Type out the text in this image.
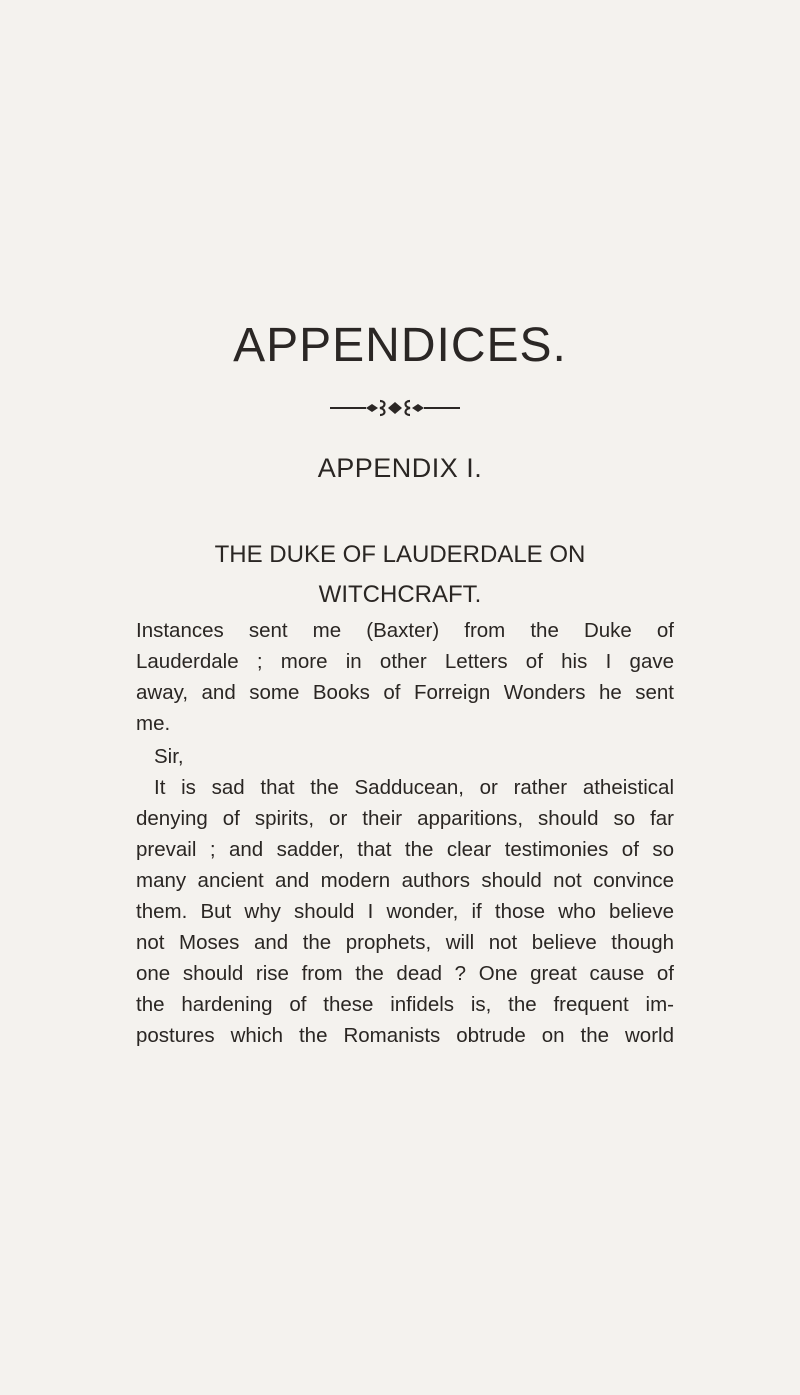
APPENDICES.
APPENDIX I.
THE DUKE OF LAUDERDALE ON
WITCHCRAFT.
Instances sent me (Baxter) from the Duke of
Lauderdale ; more in other Letters of his I gave
away, and some Books of Forreign Wonders he sent
me.
Sir,
It is sad that the Sadducean, or rather atheistical
denying of spirits, or their apparitions, should so far
prevail ; and sadder, that the clear testimonies of so
many ancient and modern authors should not convince
them. But why should I wonder, if those who believe
not Moses and the prophets, will not believe though
one should rise from the dead ? One great cause of
the hardening of these infidels is, the frequent im-
postures which the Romanists obtrude on the world
